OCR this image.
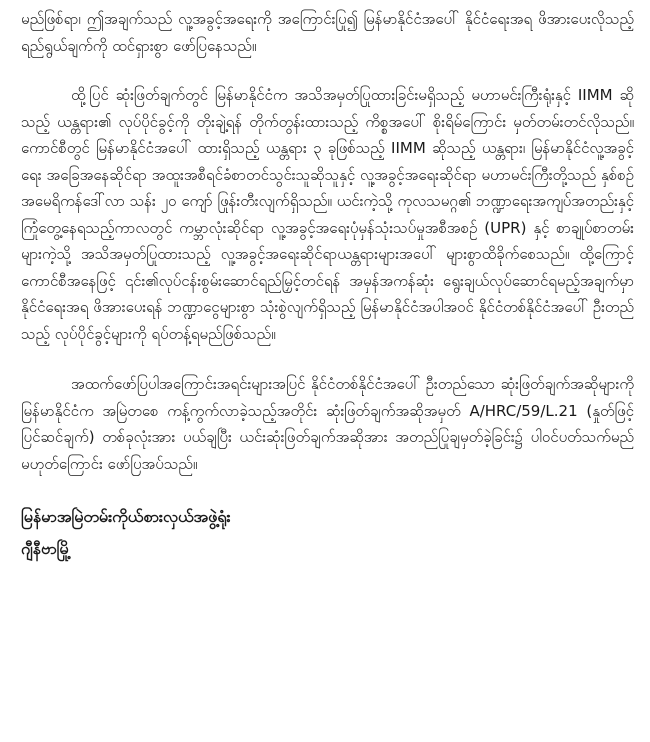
မည်ဖြစ်ရာ၊ ဤအချက်သည် လူ့အခွင့်အရေးကို အကြောင်းပြု၍ မြန်မာနိုင်ငံအပေါ် နိုင်ငံရေးအရ ဖိအားပေးလိုသည့် ရည်ရွယ်ချက်ကို ထင်ရှားစွာ ဖော်ပြနေသည်။

ထို့ပြင် ဆုံးဖြတ်ချက်တွင် မြန်မာနိုင်ငံက အသိအမှတ်ပြုထားခြင်းမရှိသည့် မဟာမင်းကြီးရုံးနှင့် IIMM ဆိုသည့် ယန္တရား၏ လုပ်ပိုင်ခွင့်ကို တိုးချဲ့ရန် တိုက်တွန်းထားသည့် ကိစ္စအပေါ် စိုးရိမ်ကြောင်း မှတ်တမ်းတင်လိုသည်။ ကောင်စီတွင် မြန်မာနိုင်ငံအပေါ် ထားရှိသည့် ယန္တရား ၃ ခုဖြစ်သည့် IIMM ဆိုသည့် ယန္တရား၊ မြန်မာနိုင်ငံလူ့အခွင့်ရေး အခြေအနေဆိုင်ရာ အထူးအစီရင်ခံစာတင်သွင်းသူဆိုသူနှင့် လူ့အခွင့်အရေးဆိုင်ရာ မဟာမင်းကြီးတို့သည် နှစ်စဉ်အမေရိကန်ဒေါ်လာ သန်း ၂၀ ကျော် ဖြုန်းတီးလျက်ရှိသည်။ ယင်းကဲ့သို့ ကုလသမဂ္ဂ၏ ဘဏ္ဍာရေးအကျပ်အတည်းနှင့် ကြုံတွေ့နေရသည့်ကာလတွင် ကမ္ဘာလုံးဆိုင်ရာ လူ့အခွင့်အရေးပုံမှန်သုံးသပ်မှုအစီအစဉ် (UPR) နှင့် စာချုပ်စာတမ်း များကဲ့သို့ အသိအမှတ်ပြုထားသည့် လူ့အခွင့်အရေးဆိုင်ရာယန္တရားများအပေါ် များစွာထိခိုက်စေသည်။ ထို့ကြောင့် ကောင်စီအနေဖြင့် ၎င်း၏လုပ်ငန်းစွမ်းဆောင်ရည်မြှင့်တင်ရန် အမှန်အကန်ဆုံး ရွေးချယ်လုပ်ဆောင်ရမည့်အချက်မှာ နိုင်ငံရေးအရ ဖိအားပေးရန် ဘဏ္ဍာငွေများစွာ သုံးစွဲလျက်ရှိသည့် မြန်မာနိုင်ငံအပါအဝင် နိုင်ငံတစ်နိုင်ငံအပေါ် ဦးတည်သည့် လုပ်ပိုင်ခွင့်များကို ရပ်တန့်ရမည်ဖြစ်သည်။

အထက်ဖော်ပြပါအကြောင်းအရင်းများအပြင် နိုင်ငံတစ်နိုင်ငံအပေါ် ဦးတည်သော ဆုံးဖြတ်ချက်အဆိုများကို မြန်မာနိုင်ငံက အမြဲတစေ ကန့်ကွက်လာခဲ့သည့်အတိုင်း ဆုံးဖြတ်ချက်အဆိုအမှတ် A/HRC/59/L.21 (နှုတ်ဖြင့် ပြင်ဆင်ချက်) တစ်ခုလုံးအား ပယ်ချပြီး ယင်းဆုံးဖြတ်ချက်အဆိုအား အတည်ပြုချမှတ်ခဲ့ခြင်း၌ ပါဝင်ပတ်သက်မည်မဟုတ်ကြောင်း ဖော်ပြအပ်သည်။

မြန်မာအမြဲတမ်းကိုယ်စားလှယ်အဖွဲ့ရုံး

ဂျီနီဗာမြို့
